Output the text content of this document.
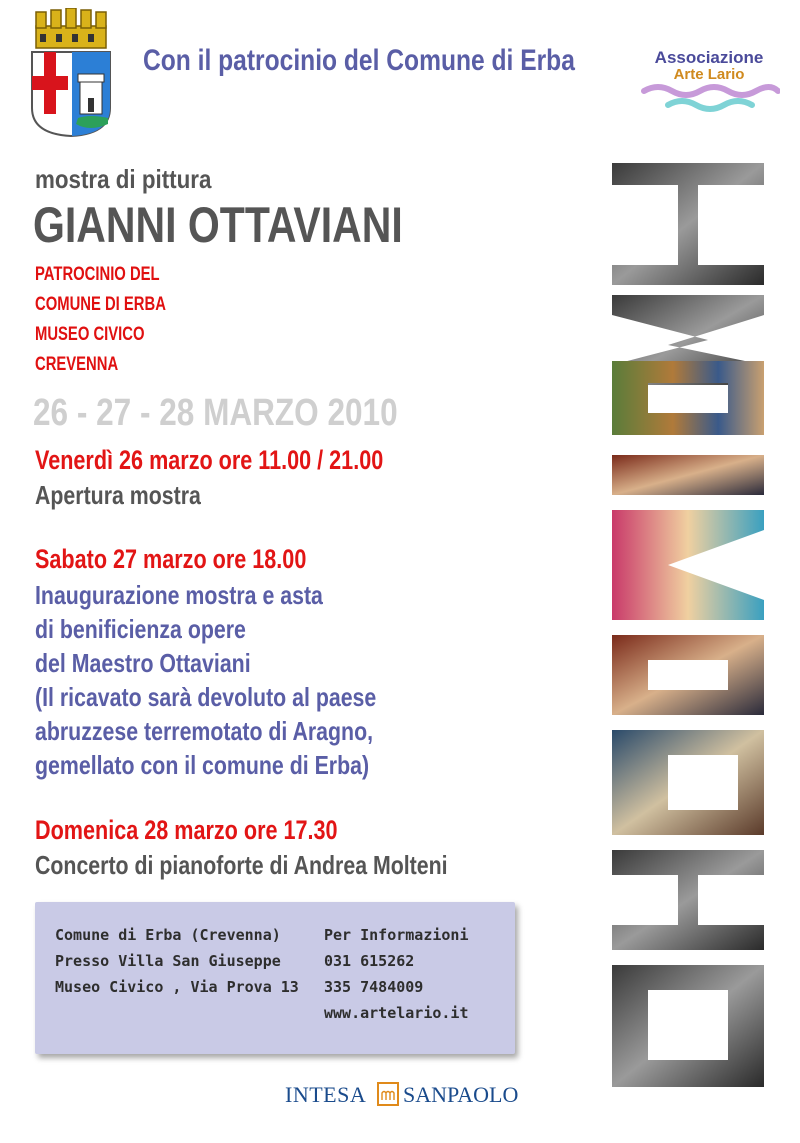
Con il patrocinio del Comune di Erba	Associazione
Arte Lario
mostra di pittura
GIANNI OTTAVIANI
PATROCINIO DEL
COMUNE DI ERBA
MUSEO CIVICO
CREVENNA
26 - 27 - 28 MARZO 2010
Venerdì 26 marzo ore 11.00 / 21.00
Apertura mostra
Sabato 27 marzo ore 18.00
Inaugurazione mostra e asta
di benificienza opere
del Maestro Ottaviani
(Il ricavato sarà devoluto al paese
abruzzese terremotato di Aragno,
gemellato con il comune di Erba)
Domenica 28 marzo ore 17.30
Concerto di pianoforte di Andrea Molteni
Comune di Erba (Crevenna)
Presso Villa San Giuseppe
Museo Civico , Via Prova 13
Per Informazioni
031 615262
335 7484009
www.artelario.it
INTESA SANPAOLO
